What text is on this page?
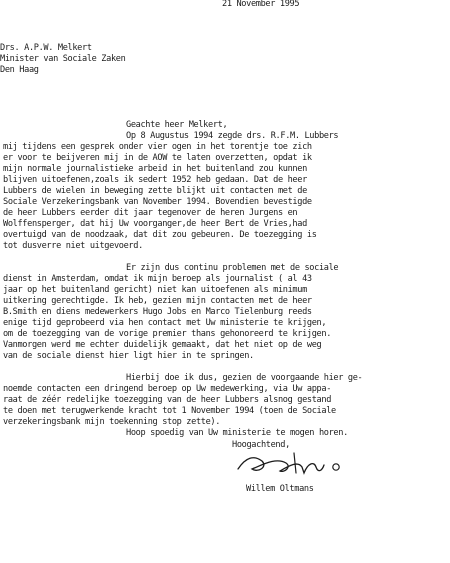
21 November 1995
Drs. A.P.W. Melkert
Minister van Sociale Zaken
Den Haag
Geachte heer Melkert,
Op 8 Augustus 1994 zegde drs. R.F.M. Lubbers
mij tijdens een gesprek onder vier ogen in het torentje toe zich
er voor te beijveren mij in de AOW te laten overzetten, opdat ik
mijn normale journalistieke arbeid in het buitenland zou kunnen
blijven uitoefenen,zoals ik sedert 1952 heb gedaan. Dat de heer
Lubbers de wielen in beweging zette blijkt uit contacten met de
Sociale Verzekeringsbank van November 1994. Bovendien bevestigde
de heer Lubbers eerder dit jaar tegenover de heren Jurgens en
Wolffensperger, dat hij Uw voorganger,de heer Bert de Vries,had
overtuigd van de noodzaak, dat dit zou gebeuren. De toezegging is
tot dusverre niet uitgevoerd.
Er zijn dus continu problemen met de sociale
dienst in Amsterdam, omdat ik mijn beroep als journalist ( al 43
jaar op het buitenland gericht) niet kan uitoefenen als minimum
uitkering gerechtigde. Ik heb, gezien mijn contacten met de heer
B.Smith en diens medewerkers Hugo Jobs en Marco Tielenburg reeds
enige tijd geprobeerd via hen contact met Uw ministerie te krijgen,
om de toezegging van de vorige premier thans gehonoreerd te krijgen.
Vanmorgen werd me echter duidelijk gemaakt, dat het niet op de weg
van de sociale dienst hier ligt hier in te springen.
Hierbij doe ik dus, gezien de voorgaande hier ge-
noemde contacten een dringend beroep op Uw medewerking, via Uw appa-
raat de zéér redelijke toezegging van de heer Lubbers alsnog gestand
te doen met terugwerkende kracht tot 1 November 1994 (toen de Sociale
verzekeringsbank mijn toekenning stop zette).
Hoop spoedig van Uw ministerie te mogen horen.
Hoogachtend,
Willem Oltmans
